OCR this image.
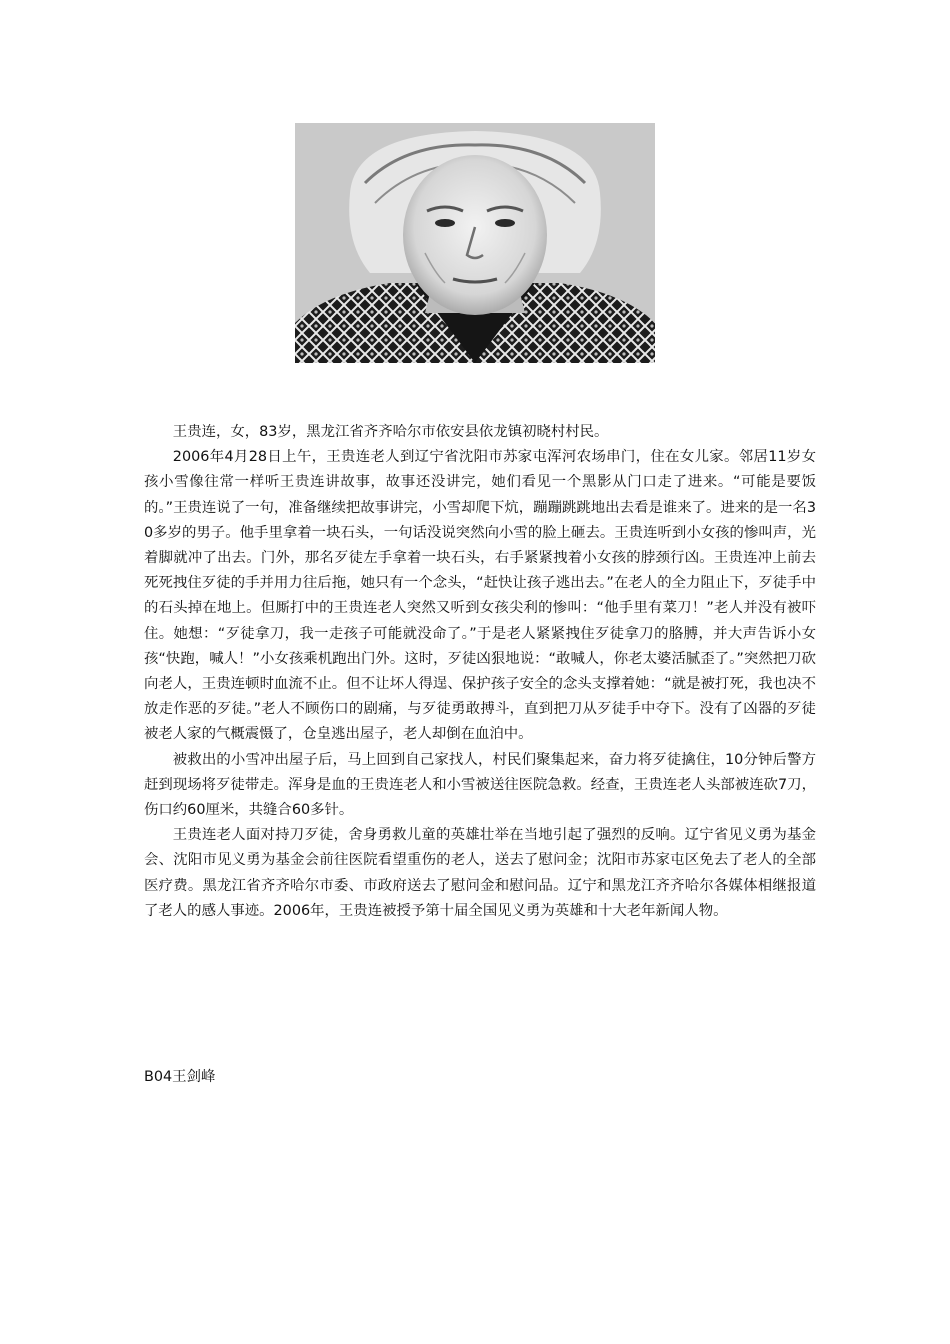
王贵连，女，83岁，黑龙江省齐齐哈尔市依安县依龙镇初晓村村民。

2006年4月28日上午，王贵连老人到辽宁省沈阳市苏家屯浑河农场串门，住在女儿家。邻居11岁女孩小雪像往常一样听王贵连讲故事，故事还没讲完，她们看见一个黑影从门口走了进来。“可能是要饭的。”王贵连说了一句，准备继续把故事讲完，小雪却爬下炕，蹦蹦跳跳地出去看是谁来了。进来的是一名30多岁的男子。他手里拿着一块石头，一句话没说突然向小雪的脸上砸去。王贵连听到小女孩的惨叫声，光着脚就冲了出去。门外，那名歹徒左手拿着一块石头，右手紧紧拽着小女孩的脖颈行凶。王贵连冲上前去死死拽住歹徒的手并用力往后拖，她只有一个念头，“赶快让孩子逃出去。”在老人的全力阻止下，歹徒手中的石头掉在地上。但厮打中的王贵连老人突然又听到女孩尖利的惨叫：“他手里有菜刀！”老人并没有被吓住。她想：“歹徒拿刀，我一走孩子可能就没命了。”于是老人紧紧拽住歹徒拿刀的胳膊，并大声告诉小女孩“快跑，喊人！”小女孩乘机跑出门外。这时，歹徒凶狠地说：“敢喊人，你老太婆活腻歪了。”突然把刀砍向老人，王贵连顿时血流不止。但不让坏人得逞、保护孩子安全的念头支撑着她：“就是被打死，我也决不放走作恶的歹徒。”老人不顾伤口的剧痛，与歹徒勇敢搏斗，直到把刀从歹徒手中夺下。没有了凶器的歹徒被老人家的气概震慑了，仓皇逃出屋子，老人却倒在血泊中。

被救出的小雪冲出屋子后，马上回到自己家找人，村民们聚集起来，奋力将歹徒擒住，10分钟后警方赶到现场将歹徒带走。浑身是血的王贵连老人和小雪被送往医院急救。经查，王贵连老人头部被连砍7刀，伤口约60厘米，共缝合60多针。

王贵连老人面对持刀歹徒，舍身勇救儿童的英雄壮举在当地引起了强烈的反响。辽宁省见义勇为基金会、沈阳市见义勇为基金会前往医院看望重伤的老人，送去了慰问金；沈阳市苏家屯区免去了老人的全部医疗费。黑龙江省齐齐哈尔市委、市政府送去了慰问金和慰问品。辽宁和黑龙江齐齐哈尔各媒体相继报道了老人的感人事迹。2006年，王贵连被授予第十届全国见义勇为英雄和十大老年新闻人物。

B04王剑峰
